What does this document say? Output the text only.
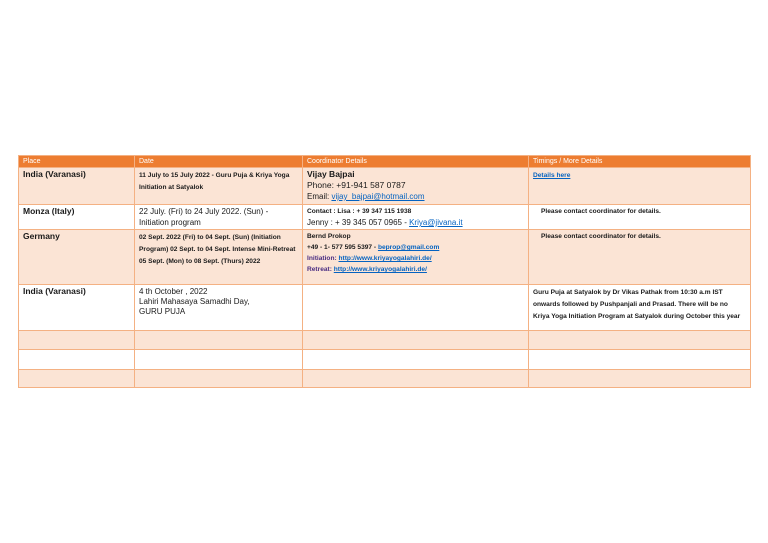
Place	Date	Coordinator Details	Timings / More Details
India (Varanasi)	11 July to 15 July 2022 - Guru Puja & Kriya Yoga Initiation at Satyalok	Vijay Bajpai
Phone: +91-941 587 0787
Email: vijay_bajpai@hotmail.com	Details here
Monza (Italy)	22 July. (Fri) to 24 July 2022. (Sun) - Initiation program	Contact : Lisa : + 39 347 115 1938
Jenny : + 39 345 057 0965 - Kriya@jivana.it	Please contact coordinator for details.

Germany	02 Sept. 2022 (Fri) to 04 Sept. (Sun) (Initiation Program) 02 Sept. to 04 Sept. Intense Mini-Retreat 05 Sept. (Mon) to 08 Sept. (Thurs) 2022	Bernd Prokop
+49 - 1- 577 595 5397 - beprop@gmail.com
Initiation: http://www.kriyayogalahiri.de/
Retreat: http://www.kriyayogalahiri.de/	Please contact coordinator for details.

India (Varanasi)	4 th October , 2022
Lahiri Mahasaya Samadhi Day,
GURU PUJA		Guru Puja at Satyalok by Dr Vikas Pathak from 10:30 a.m IST onwards followed by Pushpanjali and Prasad. There will be no Kriya Yoga Initiation Program at Satyalok during October this year
